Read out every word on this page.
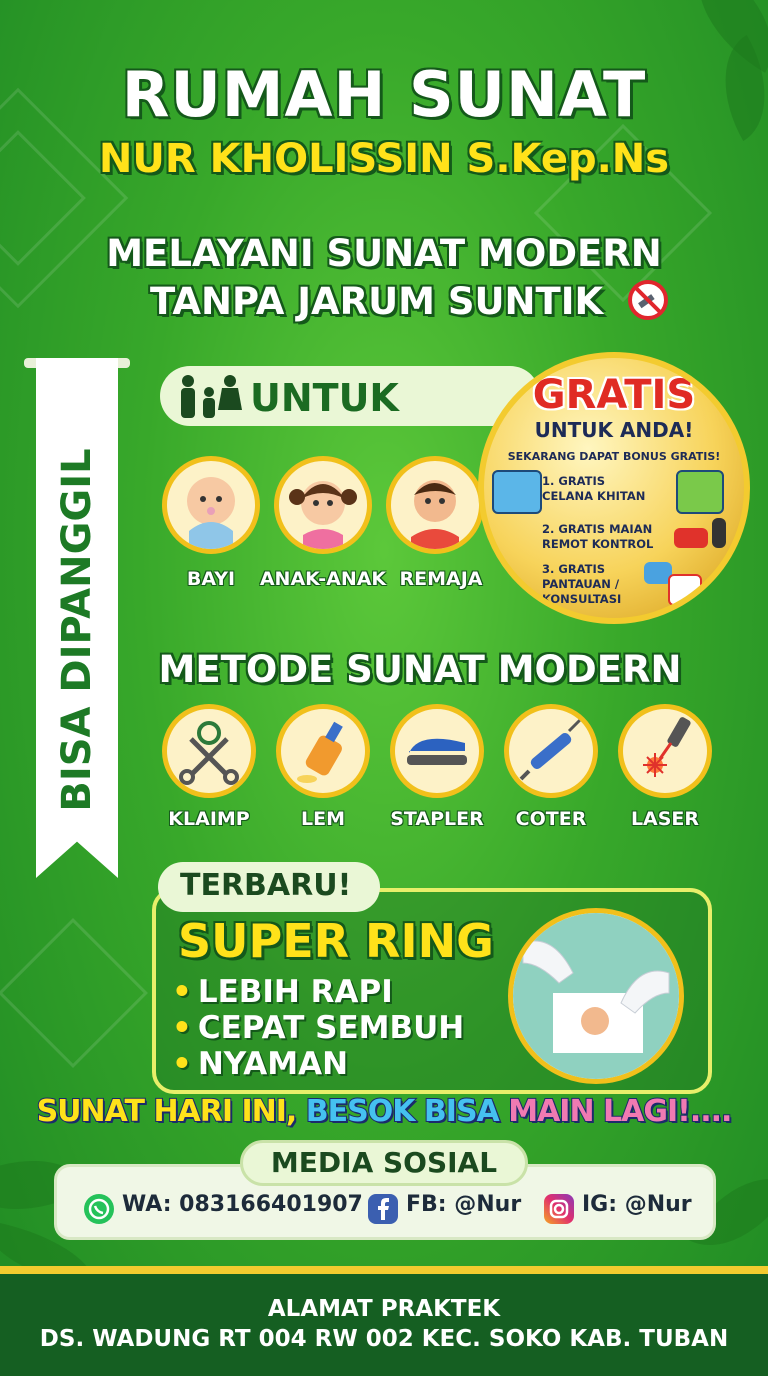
RUMAH SUNAT
NUR KHOLISSIN S.Kep.Ns
MELAYANI SUNAT MODERN
TANPA JARUM SUNTIK
BISA DIPANGGIL
UNTUK
BAYI	ANAK-ANAK REMAJA
GRATIS
UNTUK ANDA!
SEKARANG DAPAT BONUS GRATIS!
1. GRATIS
CELANA KHITAN
2. GRATIS MAIAN
REMOT KONTROL
3. GRATIS
PANTAUAN /
KONSULTASI
METODE SUNAT MODERN
KLAIMP	LEM	STAPLER	COTER	LASER
TERBARU!
SUPER RING
• LEBIH RAPI
• CEPAT SEMBUH
• NYAMAN
SUNAT HARI INI, BESOK BISA MAIN LAGI!....
MEDIA SOSIAL
WA: 083166401907 FB: @Nur	IG: @Nur
ALAMAT PRAKTEK
DS. WADUNG RT 004 RW 002 KEC. SOKO KAB. TUBAN
